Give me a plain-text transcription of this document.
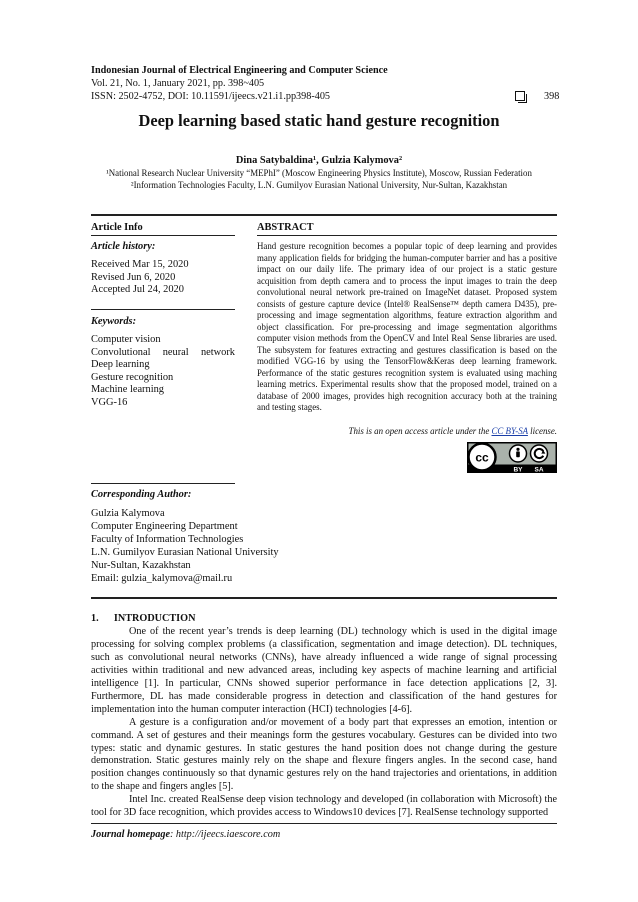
Indonesian Journal of Electrical Engineering and Computer Science
Vol. 21, No. 1, January 2021, pp. 398~405
ISSN: 2502-4752, DOI: 10.11591/ijeecs.v21.i1.pp398-405	398
Deep learning based static hand gesture recognition
Dina Satybaldina¹, Gulzia Kalymova²
¹National Research Nuclear University “MEPhI” (Moscow Engineering Physics Institute), Moscow, Russian Federation
²Information Technologies Faculty, L.N. Gumilyov Eurasian National University, Nur-Sultan, Kazakhstan
Article Info
Article history:
Received Mar 15, 2020
Revised Jun 6, 2020
Accepted Jul 24, 2020
Keywords:
Computer vision
Convolutional neural network
Deep learning
Gesture recognition
Machine learning
VGG-16
ABSTRACT
Hand gesture recognition becomes a popular topic of deep learning and provides many application fields for bridging the human-computer barrier and has a positive impact on our daily life. The primary idea of our project is a static gesture acquisition from depth camera and to process the input images to train the deep convolutional neural network pre-trained on ImageNet dataset. Proposed system consists of gesture capture device (Intel® RealSense™ depth camera D435), pre-processing and image segmentation algorithms, feature extraction algorithm and object classification. For pre-processing and image segmentation algorithms computer vision methods from the OpenCV and Intel Real Sense libraries are used. The subsystem for features extracting and gestures classification is based on the modified VGG-16 by using the TensorFlow&Keras deep learning framework. Performance of the static gestures recognition system is evaluated using maching learning metrics. Experimental results show that the proposed model, trained on a database of 2000 images, provides high recognition accuracy both at the training and testing stages.
This is an open access article under the CC BY-SA license.
cc
BY SA
Corresponding Author:
Gulzia Kalymova
Computer Engineering Department
Faculty of Information Technologies
L.N. Gumilyov Eurasian National University
Nur-Sultan, Kazakhstan
Email: gulzia_kalymova@mail.ru

1.      INTRODUCTION

One of the recent year’s trends is deep learning (DL) technology which is used in the digital image processing for solving complex problems (a classification, segmentation and image detection). DL techniques, such as convolutional neural networks (CNNs), have already influenced a wide range of signal processing activities within traditional and new advanced areas, including key aspects of machine learning and artificial intelligence [1]. In particular, CNNs showed superior performance in face detection applications [2, 3]. Furthermore, DL has made considerable progress in detection and classification of the hand gestures for implementation into the human computer interaction (HCI) technologies [4-6].

A gesture is a configuration and/or movement of a body part that expresses an emotion, intention or command. A set of gestures and their meanings form the gestures vocabulary. Gestures can be divided into two types: static and dynamic gestures. In static gestures the hand position does not change during the gesture demonstration. Static gestures mainly rely on the shape and flexure fingers angles. In the second case, hand position changes continuously so that dynamic gestures rely on the hand trajectories and orientations, in addition to the shape and fingers angles [5].

Intel Inc. created RealSense deep vision technology and developed (in collaboration with Microsoft) the tool for 3D face recognition, which provides access to Windows10 devices [7]. RealSense technology supported

Journal homepage: http://ijeecs.iaescore.com
